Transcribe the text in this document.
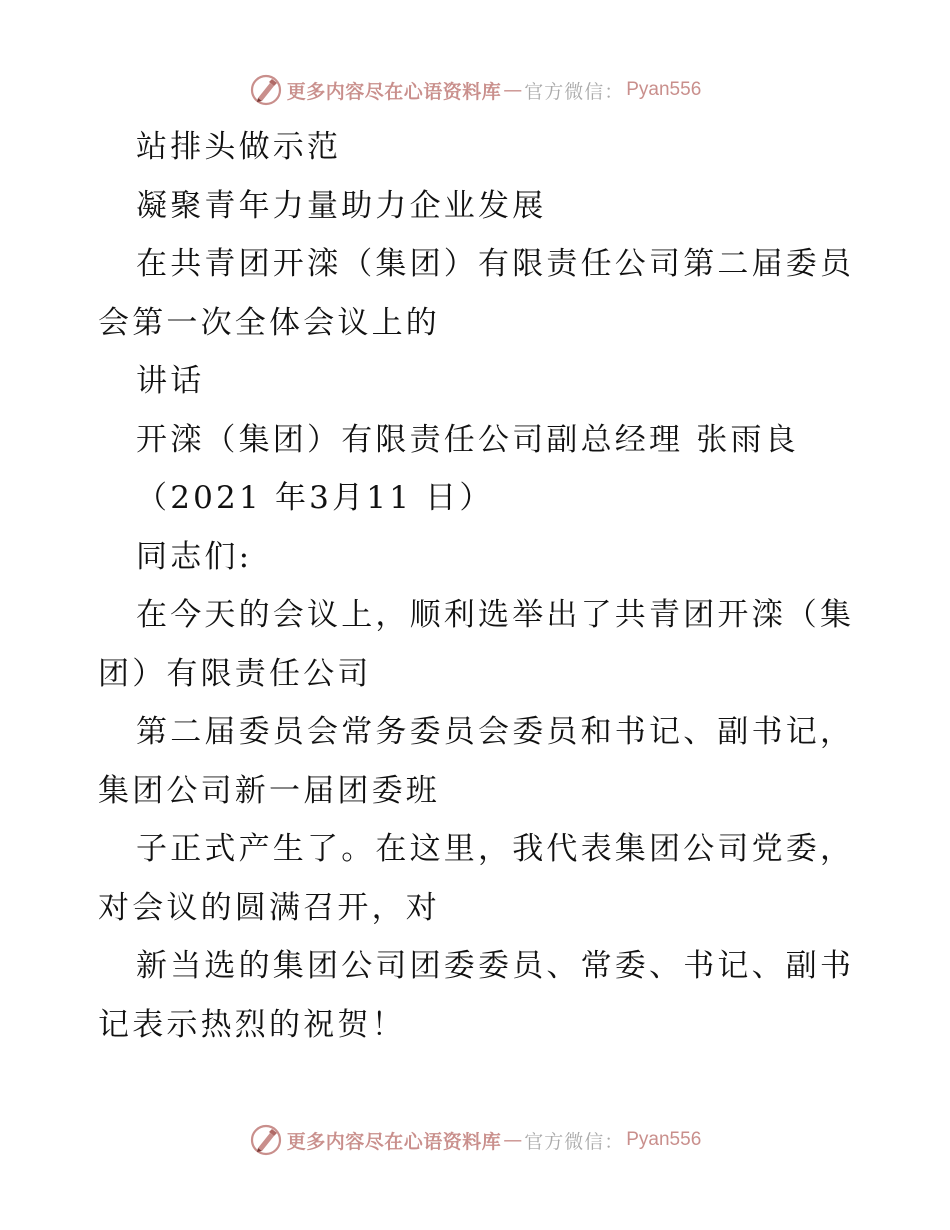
更多内容尽在心语资料库 — 官方微信： Pyan556
站排头做示范
凝聚青年力量助力企业发展
在共青团开滦（集团）有限责任公司第二届委员
会第一次全体会议上的
讲话
开滦（集团）有限责任公司副总经理 张雨良
（2021 年3月11 日）
同志们:
在今天的会议上，顺利选举出了共青团开滦（集
团）有限责任公司
第二届委员会常务委员会委员和书记、副书记，
集团公司新一届团委班
子正式产生了。在这里，我代表集团公司党委，
对会议的圆满召开，对
新当选的集团公司团委委员、常委、书记、副书
记表示热烈的祝贺！
更多内容尽在心语资料库 — 官方微信： Pyan556
